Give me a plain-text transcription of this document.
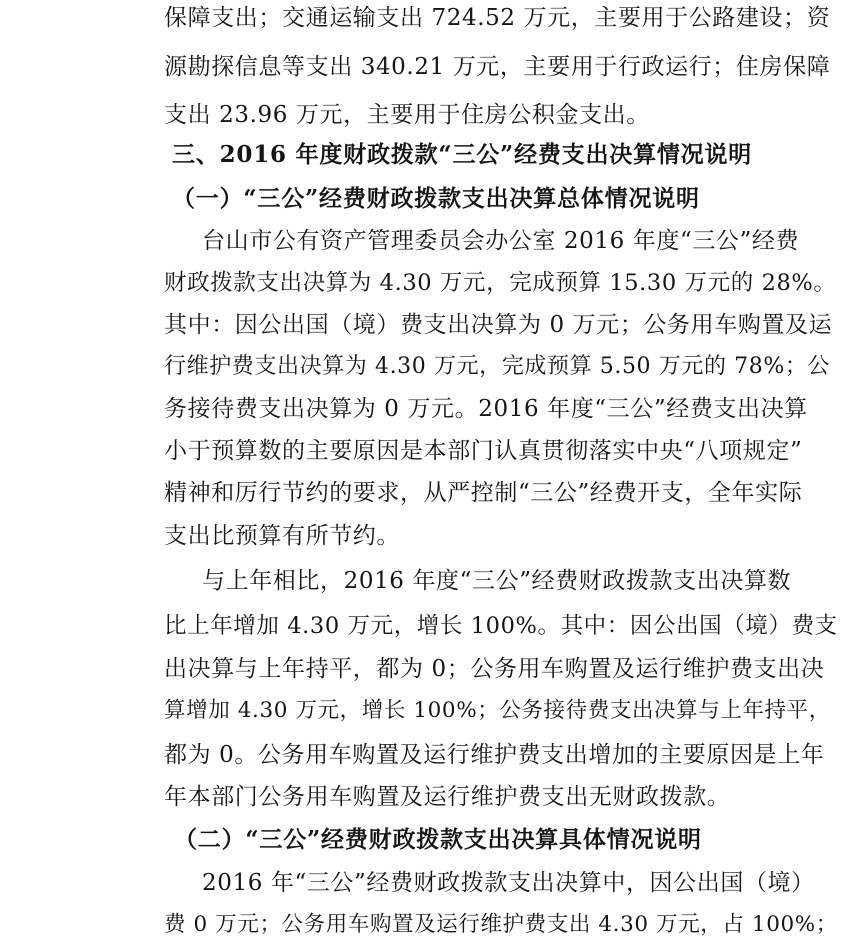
保障支出；交通运输支出 724.52 万元，主要用于公路建设；资
源勘探信息等支出 340.21 万元，主要用于行政运行；住房保障
支出 23.96 万元，主要用于住房公积金支出。
三、2016 年度财政拨款“三公”经费支出决算情况说明
（一）“三公”经费财政拨款支出决算总体情况说明
台山市公有资产管理委员会办公室 2016 年度“三公”经费
财政拨款支出决算为 4.30 万元，完成预算 15.30 万元的 28%。
其中：因公出国（境）费支出决算为 0 万元；公务用车购置及运
行维护费支出决算为 4.30 万元，完成预算 5.50 万元的 78%；公
务接待费支出决算为 0 万元。2016 年度“三公”经费支出决算
小于预算数的主要原因是本部门认真贯彻落实中央“八项规定”
精神和厉行节约的要求，从严控制“三公”经费开支，全年实际
支出比预算有所节约。
与上年相比，2016 年度“三公”经费财政拨款支出决算数
比上年增加 4.30 万元，增长 100%。其中：因公出国（境）费支
出决算与上年持平，都为 0；公务用车购置及运行维护费支出决
算增加 4.30 万元，增长 100%；公务接待费支出决算与上年持平，
都为 0。公务用车购置及运行维护费支出增加的主要原因是上年
年本部门公务用车购置及运行维护费支出无财政拨款。
（二）“三公”经费财政拨款支出决算具体情况说明
2016 年“三公”经费财政拨款支出决算中，因公出国（境）
费 0 万元；公务用车购置及运行维护费支出 4.30 万元，占 100%；
